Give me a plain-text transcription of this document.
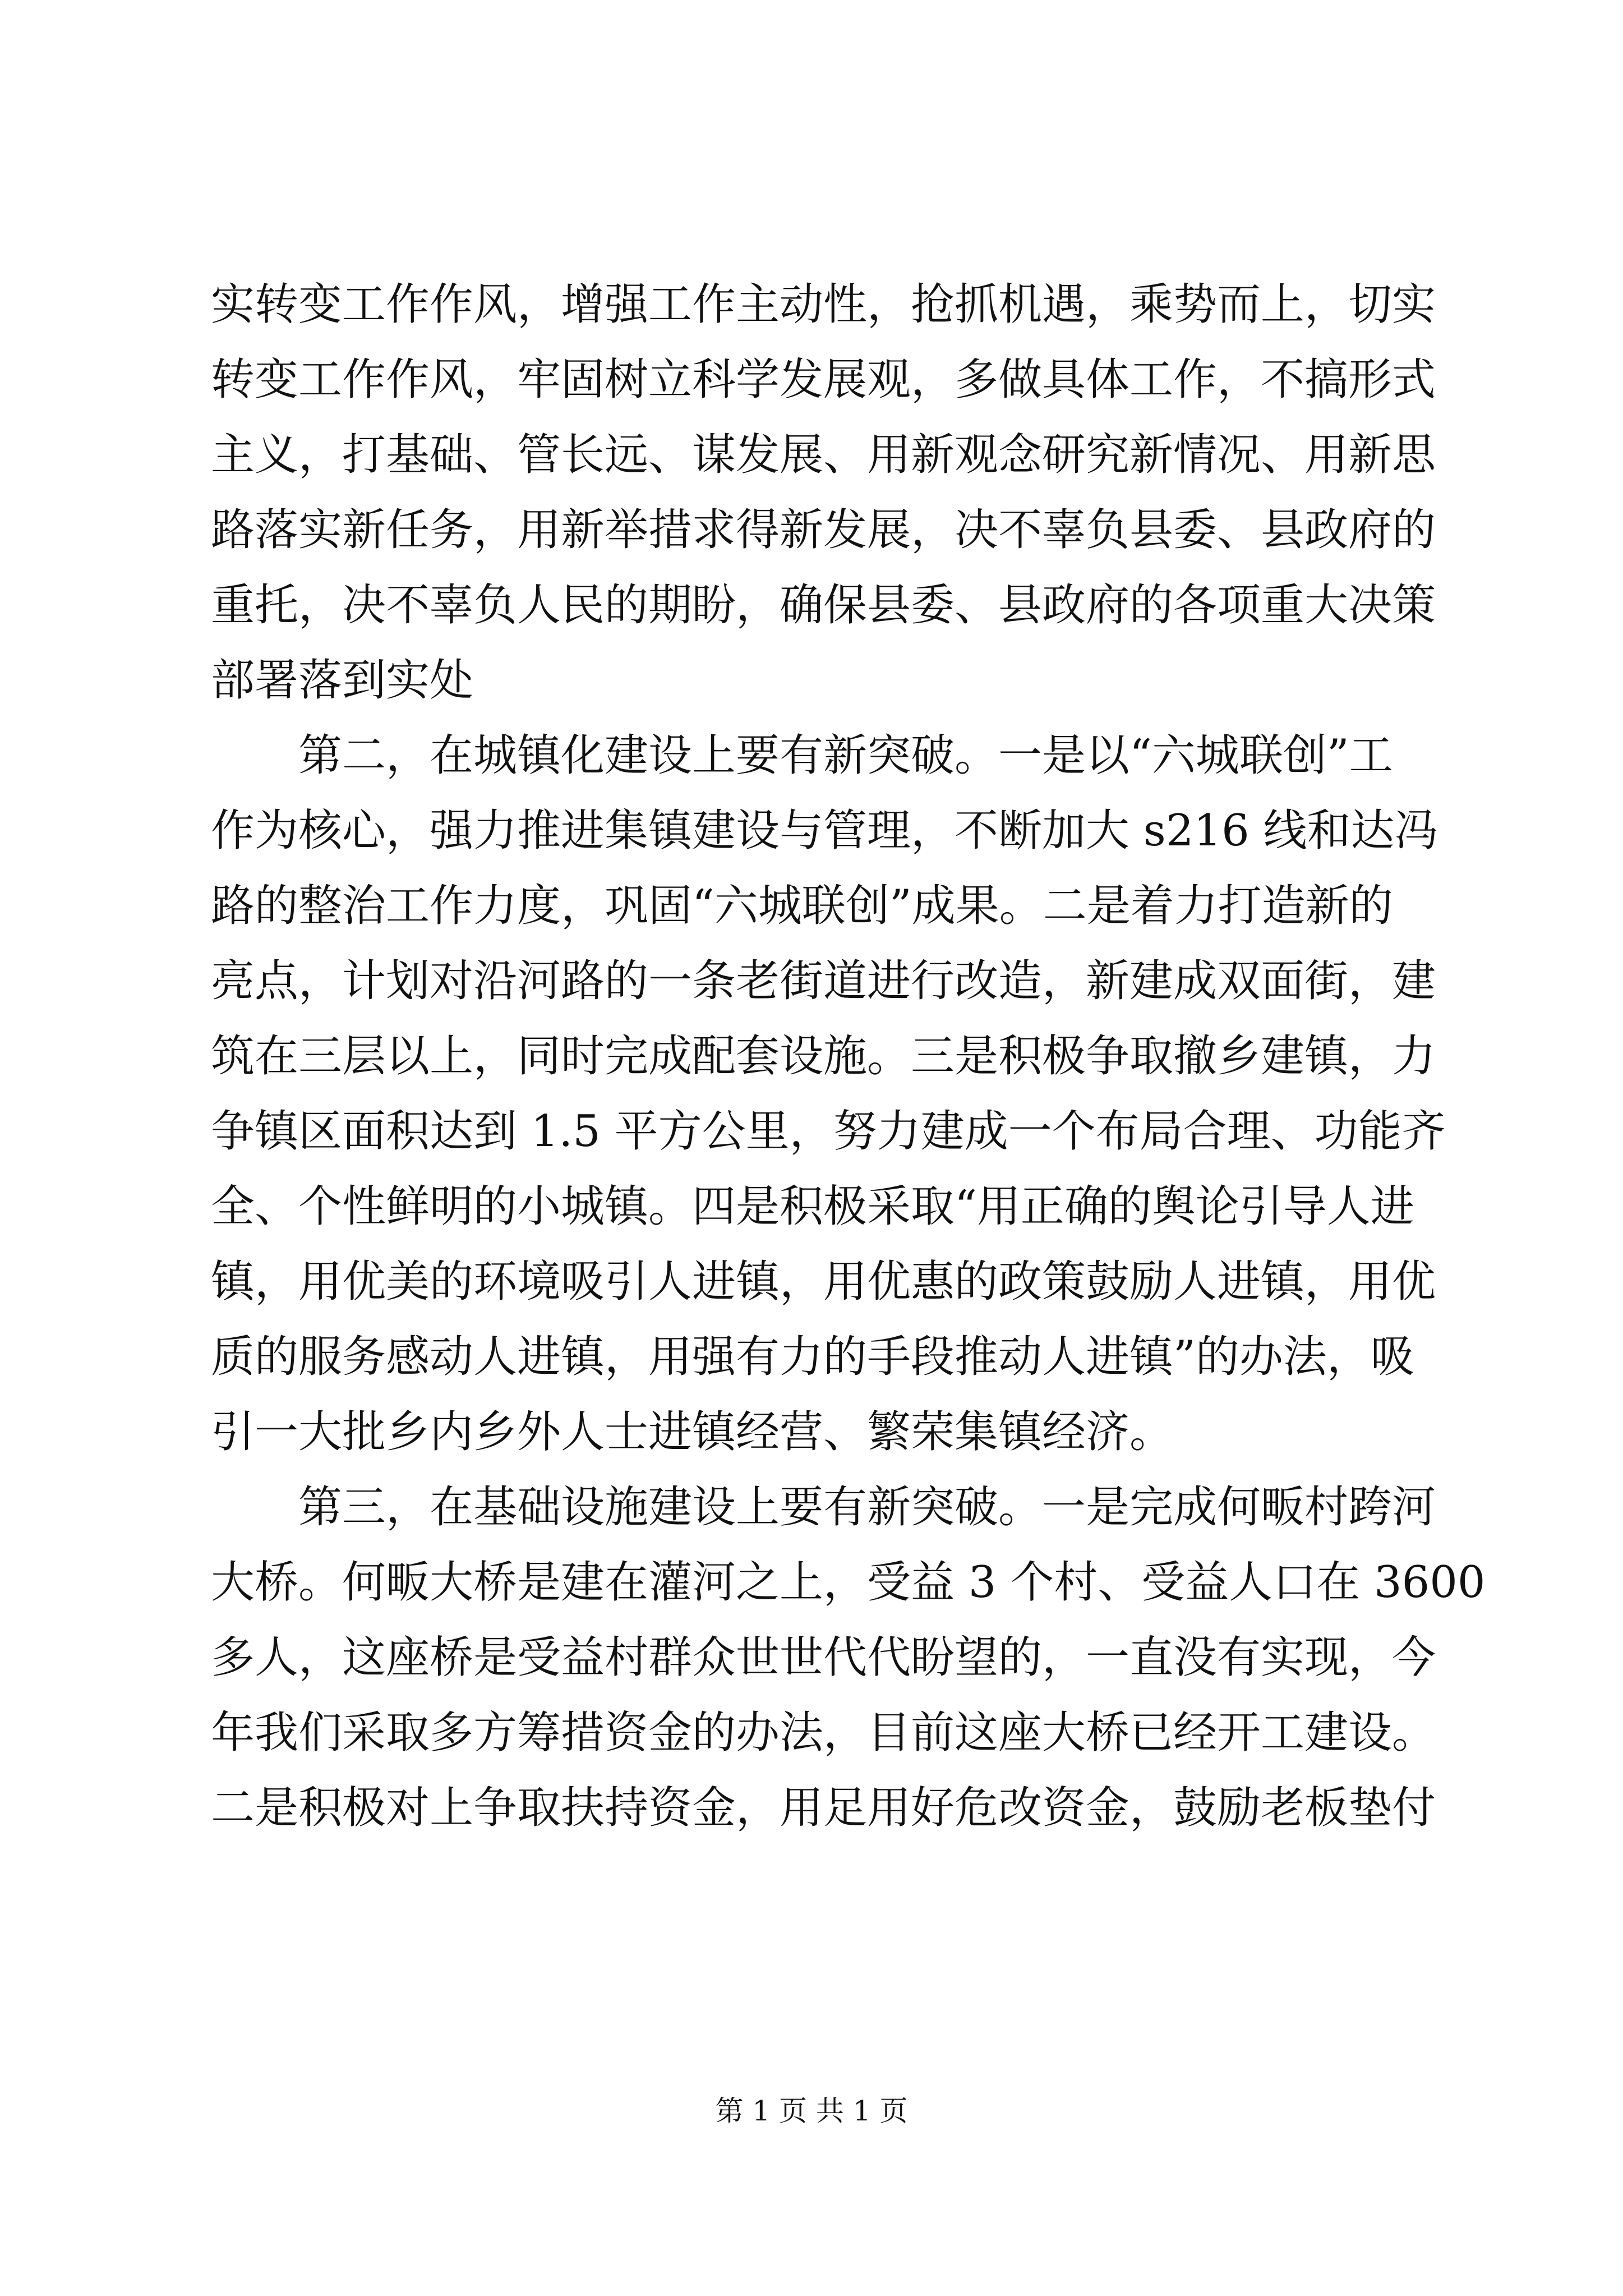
实转变工作作风，增强工作主动性，抢抓机遇，乘势而上，切实
转变工作作风，牢固树立科学发展观，多做具体工作，不搞形式
主义，打基础、管长远、谋发展、用新观念研究新情况、用新思
路落实新任务，用新举措求得新发展，决不辜负县委、县政府的
重托，决不辜负人民的期盼，确保县委、县政府的各项重大决策
部署落到实处
第二，在城镇化建设上要有新突破。一是以“六城联创”工
作为核心，强力推进集镇建设与管理，不断加大 s216 线和达冯
路的整治工作力度，巩固“六城联创”成果。二是着力打造新的
亮点，计划对沿河路的一条老街道进行改造，新建成双面街，建
筑在三层以上，同时完成配套设施。三是积极争取撤乡建镇，力
争镇区面积达到 1.5 平方公里，努力建成一个布局合理、功能齐
全、个性鲜明的小城镇。四是积极采取“用正确的舆论引导人进
镇，用优美的环境吸引人进镇，用优惠的政策鼓励人进镇，用优
质的服务感动人进镇，用强有力的手段推动人进镇”的办法，吸
引一大批乡内乡外人士进镇经营、繁荣集镇经济。
第三，在基础设施建设上要有新突破。一是完成何畈村跨河
大桥。何畈大桥是建在灌河之上，受益 3 个村、受益人口在 3600
多人，这座桥是受益村群众世世代代盼望的，一直没有实现，今
年我们采取多方筹措资金的办法，目前这座大桥已经开工建设。
二是积极对上争取扶持资金，用足用好危改资金，鼓励老板垫付
第 1 页 共 1 页
